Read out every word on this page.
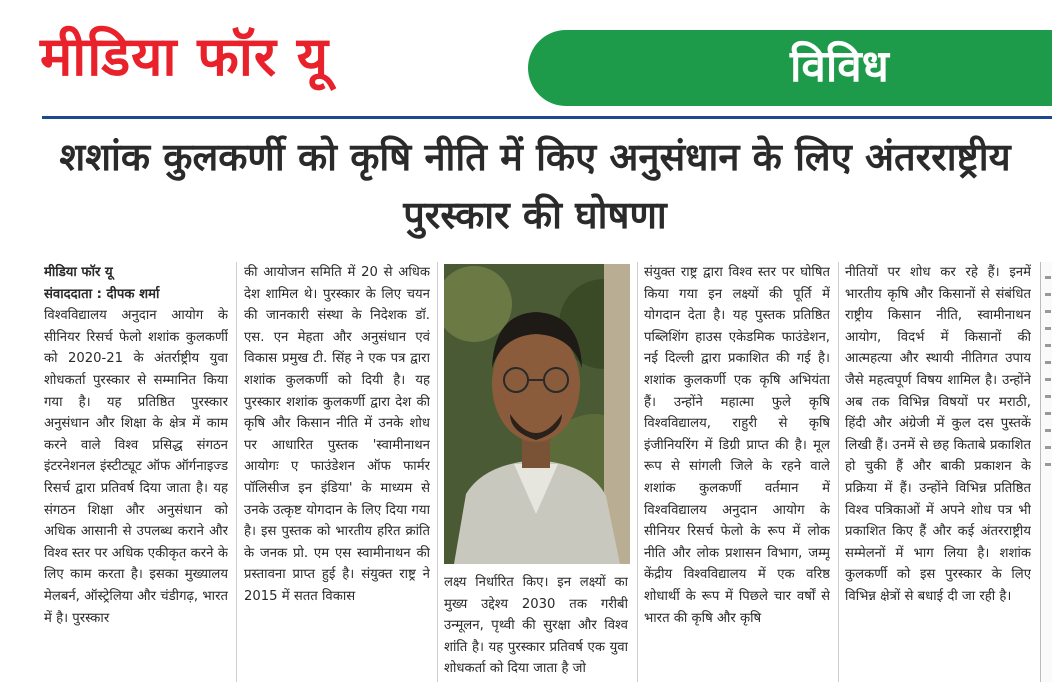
मीडिया फॉर यू	विविध
शशांक कुलकर्णी को कृषि नीति में किए अनुसंधान के लिए अंतरराष्ट्रीय पुरस्कार की घोषणा
मीडिया फॉर यू
संवाददाता : दीपक शर्मा

विश्वविद्यालय अनुदान आयोग के सीनियर रिसर्च फेलो शशांक कुलकर्णी को 2020-21 के अंतर्राष्ट्रीय युवा शोधकर्ता पुरस्कार से सम्मानित किया गया है। यह प्रतिष्ठित पुरस्कार अनुसंधान और शिक्षा के क्षेत्र में काम करने वाले विश्व प्रसिद्ध संगठन इंटरनेशनल इंस्टीट्यूट ऑफ ऑर्गनाइज्ड रिसर्च द्वारा प्रतिवर्ष दिया जाता है। यह संगठन शिक्षा और अनुसंधान को अधिक आसानी से उपलब्ध कराने और विश्व स्तर पर अधिक एकीकृत करने के लिए काम करता है। इसका मुख्यालय मेलबर्न, ऑस्ट्रेलिया और चंडीगढ़, भारत में है। पुरस्कार

की आयोजन समिति में 20 से अधिक देश शामिल थे। पुरस्कार के लिए चयन की जानकारी संस्था के निदेशक डॉ. एस. एन मेहता और अनुसंधान एवं विकास प्रमुख टी. सिंह ने एक पत्र द्वारा शशांक कुलकर्णी को दियी है। यह पुरस्कार शशांक कुलकर्णी द्वारा देश की कृषि और किसान नीति में उनके शोध पर आधारित पुस्तक 'स्वामीनाथन आयोगः ए फाउंडेशन ऑफ फार्मर पॉलिसीज इन इंडिया' के माध्यम से उनके उत्कृष्ट योगदान के लिए दिया गया है। इस पुस्तक को भारतीय हरित क्रांति के जनक प्रो. एम एस स्वामीनाथन की प्रस्तावना प्राप्त हुई है। संयुक्त राष्ट्र ने 2015 में सतत विकास

लक्ष्य निर्धारित किए। इन लक्ष्यों का मुख्य उद्देश्य 2030 तक गरीबी उन्मूलन, पृथ्वी की सुरक्षा और विश्व शांति है। यह पुरस्कार प्रतिवर्ष एक युवा शोधकर्ता को दिया जाता है जो

संयुक्त राष्ट्र द्वारा विश्व स्तर पर घोषित किया गया इन लक्ष्यों की पूर्ति में योगदान देता है। यह पुस्तक प्रतिष्ठित पब्लिशिंग हाउस एकेडमिक फाउंडेशन, नई दिल्ली द्वारा प्रकाशित की गई है। शशांक कुलकर्णी एक कृषि अभियंता हैं। उन्होंने महात्मा फुले कृषि विश्वविद्यालय, राहुरी से कृषि इंजीनियरिंग में डिग्री प्राप्त की है। मूल रूप से सांगली जिले के रहने वाले शशांक कुलकर्णी वर्तमान में विश्वविद्यालय अनुदान आयोग के सीनियर रिसर्च फेलो के रूप में लोक नीति और लोक प्रशासन विभाग, जम्मू केंद्रीय विश्वविद्यालय में एक वरिष्ठ शोधार्थी के रूप में पिछले चार वर्षों से भारत की कृषि और कृषि

नीतियों पर शोध कर रहे हैं। इनमें भारतीय कृषि और किसानों से संबंधित राष्ट्रीय किसान नीति, स्वामीनाथन आयोग, विदर्भ में किसानों की आत्महत्या और स्थायी नीतिगत उपाय जैसे महत्वपूर्ण विषय शामिल है। उन्होंने अब तक विभिन्न विषयों पर मराठी, हिंदी और अंग्रेजी में कुल दस पुस्तकें लिखी हैं। उनमें से छह किताबे प्रकाशित हो चुकी हैं और बाकी प्रकाशन के प्रक्रिया में हैं। उन्होंने विभिन्न प्रतिष्ठित विश्व पत्रिकाओं में अपने शोध पत्र भी प्रकाशित किए हैं और कई अंतरराष्ट्रीय सम्मेलनों में भाग लिया है। शशांक कुलकर्णी को इस पुरस्कार के लिए विभिन्न क्षेत्रों से बधाई दी जा रही है।
